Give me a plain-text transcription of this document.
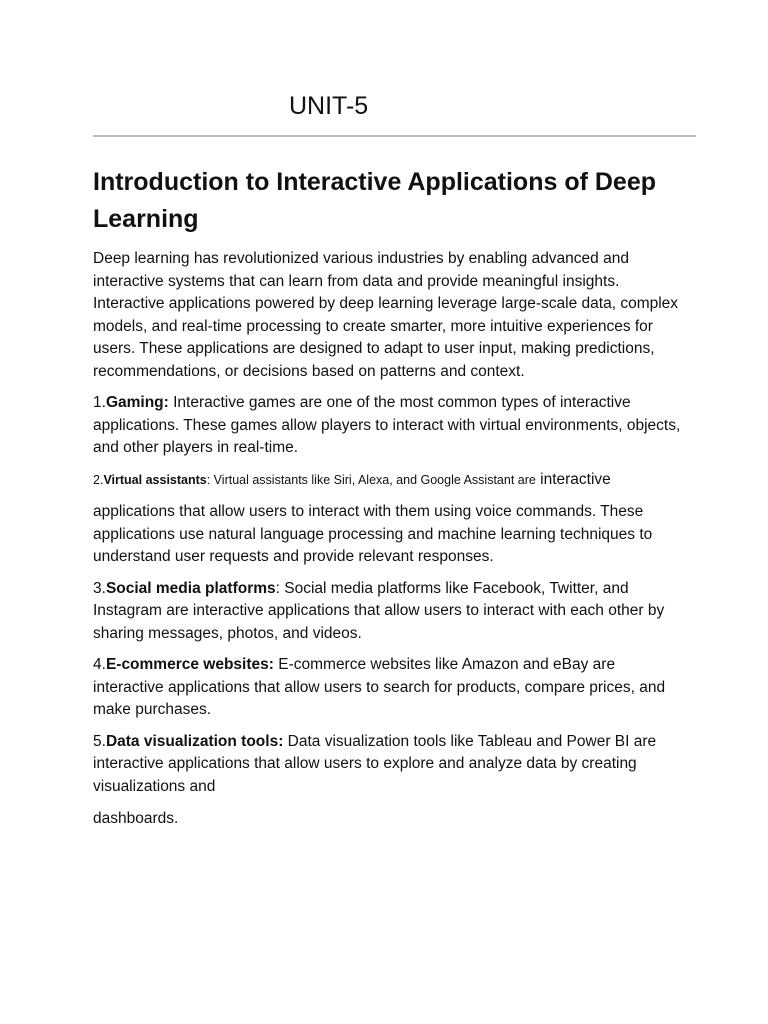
UNIT-5
Introduction to Interactive Applications of Deep Learning

Deep learning has revolutionized various industries by enabling advanced and interactive systems that can learn from data and provide meaningful insights. Interactive applications powered by deep learning leverage large-scale data, complex models, and real-time processing to create smarter, more intuitive experiences for users. These applications are designed to adapt to user input, making predictions, recommendations, or decisions based on patterns and context.

1.Gaming: Interactive games are one of the most common types of interactive applications. These games allow players to interact with virtual environments, objects, and other players in real-time.

2.Virtual assistants: Virtual assistants like Siri, Alexa, and Google Assistant are interactive

applications that allow users to interact with them using voice commands. These applications use natural language processing and machine learning techniques to understand user requests and provide relevant responses.

3.Social media platforms: Social media platforms like Facebook, Twitter, and Instagram are interactive applications that allow users to interact with each other by sharing messages, photos, and videos.

4.E-commerce websites: E-commerce websites like Amazon and eBay are interactive applications that allow users to search for products, compare prices, and make purchases.

5.Data visualization tools: Data visualization tools like Tableau and Power BI are interactive applications that allow users to explore and analyze data by creating visualizations and

dashboards.
